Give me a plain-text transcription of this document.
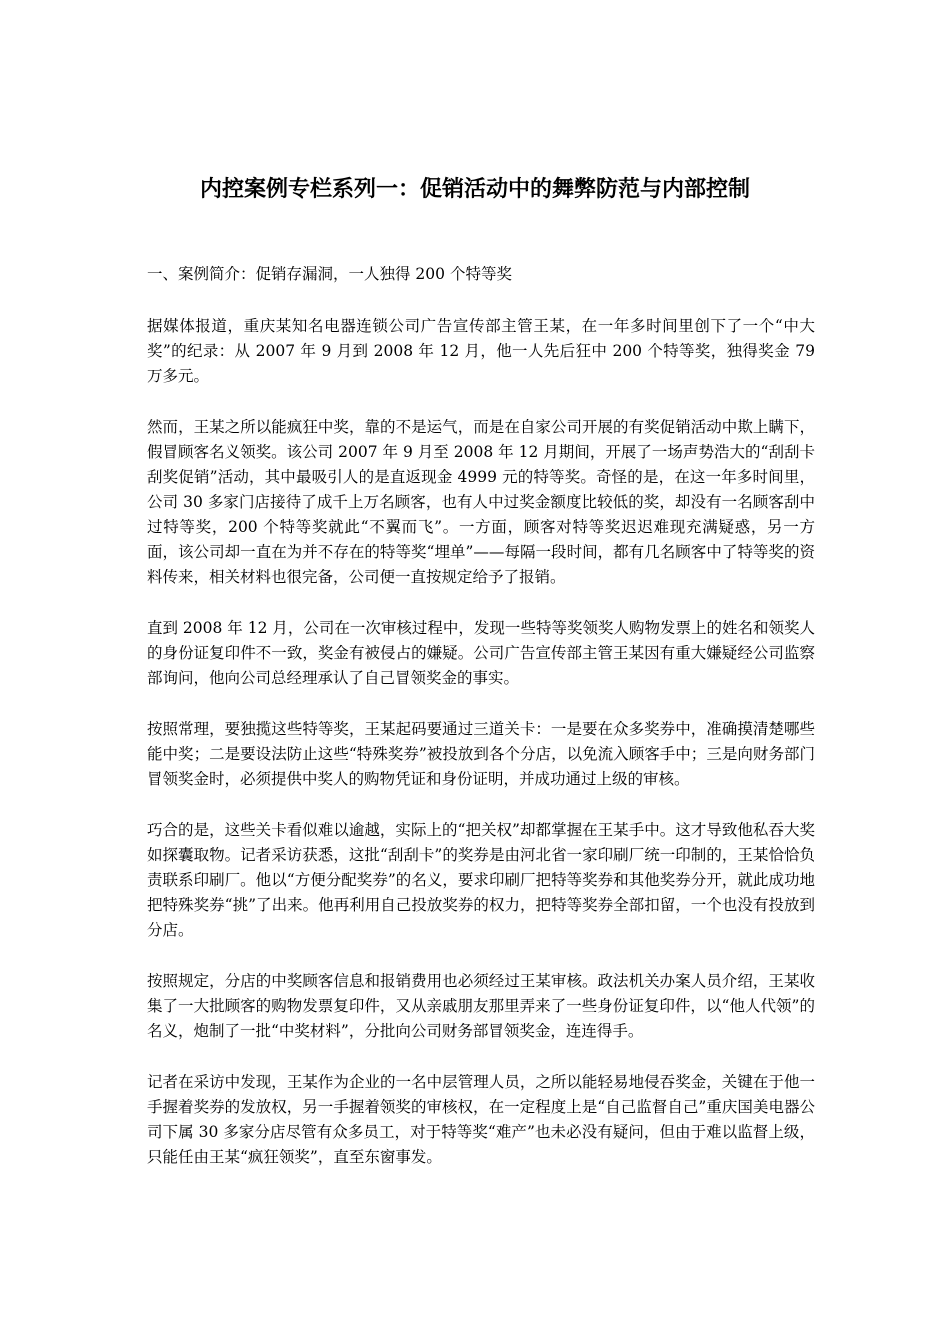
内控案例专栏系列一：促销活动中的舞弊防范与内部控制

一、案例简介：促销存漏洞，一人独得 200 个特等奖

据媒体报道，重庆某知名电器连锁公司广告宣传部主管王某，在一年多时间里创下了一个“中大奖”的纪录：从 2007 年 9 月到 2008 年 12 月，他一人先后狂中 200 个特等奖，独得奖金 79 万多元。

然而，王某之所以能疯狂中奖，靠的不是运气，而是在自家公司开展的有奖促销活动中欺上瞒下，假冒顾客名义领奖。该公司 2007 年 9 月至 2008 年 12 月期间，开展了一场声势浩大的“刮刮卡刮奖促销”活动，其中最吸引人的是直返现金 4999 元的特等奖。奇怪的是，在这一年多时间里，公司 30 多家门店接待了成千上万名顾客，也有人中过奖金额度比较低的奖，却没有一名顾客刮中过特等奖，200 个特等奖就此“不翼而飞”。一方面，顾客对特等奖迟迟难现充满疑惑，另一方面，该公司却一直在为并不存在的特等奖“埋单”——每隔一段时间，都有几名顾客中了特等奖的资料传来，相关材料也很完备，公司便一直按规定给予了报销。

直到 2008 年 12 月，公司在一次审核过程中，发现一些特等奖领奖人购物发票上的姓名和领奖人的身份证复印件不一致，奖金有被侵占的嫌疑。公司广告宣传部主管王某因有重大嫌疑经公司监察部询问，他向公司总经理承认了自己冒领奖金的事实。

按照常理，要独揽这些特等奖，王某起码要通过三道关卡：一是要在众多奖券中，准确摸清楚哪些能中奖；二是要设法防止这些“特殊奖券”被投放到各个分店，以免流入顾客手中；三是向财务部门冒领奖金时，必须提供中奖人的购物凭证和身份证明，并成功通过上级的审核。

巧合的是，这些关卡看似难以逾越，实际上的“把关权”却都掌握在王某手中。这才导致他私吞大奖如探囊取物。记者采访获悉，这批“刮刮卡”的奖券是由河北省一家印刷厂统一印制的，王某恰恰负责联系印刷厂。他以“方便分配奖券”的名义，要求印刷厂把特等奖券和其他奖券分开，就此成功地把特殊奖券“挑”了出来。他再利用自己投放奖券的权力，把特等奖券全部扣留，一个也没有投放到分店。

按照规定，分店的中奖顾客信息和报销费用也必须经过王某审核。政法机关办案人员介绍，王某收集了一大批顾客的购物发票复印件，又从亲戚朋友那里弄来了一些身份证复印件，以“他人代领”的名义，炮制了一批“中奖材料”，分批向公司财务部冒领奖金，连连得手。

记者在采访中发现，王某作为企业的一名中层管理人员，之所以能轻易地侵吞奖金，关键在于他一手握着奖券的发放权，另一手握着领奖的审核权，在一定程度上是“自己监督自己”重庆国美电器公司下属 30 多家分店尽管有众多员工，对于特等奖“难产”也未必没有疑问，但由于难以监督上级，只能任由王某“疯狂领奖”，直至东窗事发。
